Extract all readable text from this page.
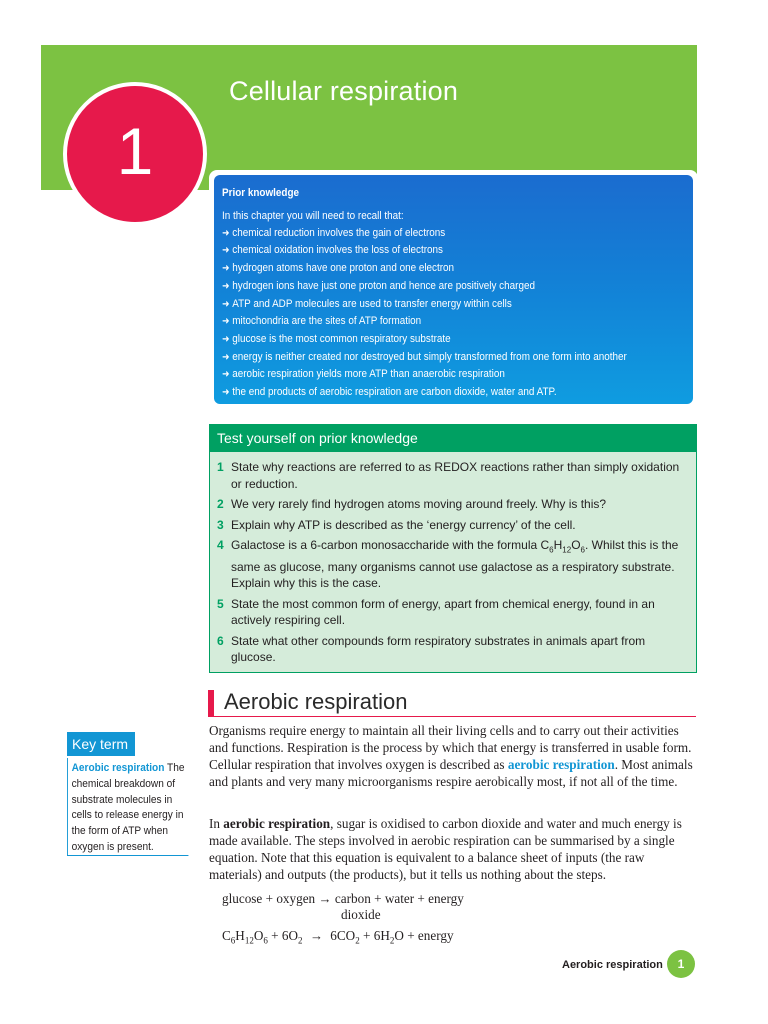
Cellular respiration
1
Prior knowledge
In this chapter you will need to recall that:
➜ chemical reduction involves the gain of electrons
➜ chemical oxidation involves the loss of electrons
➜ hydrogen atoms have one proton and one electron
➜ hydrogen ions have just one proton and hence are positively charged
➜ ATP and ADP molecules are used to transfer energy within cells
➜ mitochondria are the sites of ATP formation
➜ glucose is the most common respiratory substrate
➜ energy is neither created nor destroyed but simply transformed from one form into another
➜ aerobic respiration yields more ATP than anaerobic respiration
➜ the end products of aerobic respiration are carbon dioxide, water and ATP.
Test yourself on prior knowledge
1 State why reactions are referred to as REDOX reactions rather than simply oxidation or reduction.
2 We very rarely find hydrogen atoms moving around freely. Why is this?
3 Explain why ATP is described as the ‘energy currency’ of the cell.
4 Galactose is a 6-carbon monosaccharide with the formula $C_6H_{12}O_6$. Whilst this is the same as glucose, many organisms cannot use galactose as a respiratory substrate. Explain why this is the case.
5 State the most common form of energy, apart from chemical energy, found in an actively respiring cell.
6 State what other compounds form respiratory substrates in animals apart from glucose.
Aerobic respiration
Key term
Aerobic respiration The chemical breakdown of substrate molecules in cells to release energy in the form of ATP when oxygen is present.

Organisms require energy to maintain all their living cells and to carry out their activities and functions. Respiration is the process by which that energy is transferred in usable form. Cellular respiration that involves oxygen is described as aerobic respiration. Most animals and plants and very many microorganisms respire aerobically most, if not all of the time.

In aerobic respiration, sugar is oxidised to carbon dioxide and water and much energy is made available. The steps involved in aerobic respiration can be summarised by a single equation. Note that this equation is equivalent to a balance sheet of inputs (the raw materials) and outputs (the products), but it tells us nothing about the steps.

glucose + oxygen → carbon + water + energy
dioxide
$C_6H_{12}O_6 + 6O_2 \to 6CO_2 + 6H_2O$ + energy
Aerobic respiration 1
